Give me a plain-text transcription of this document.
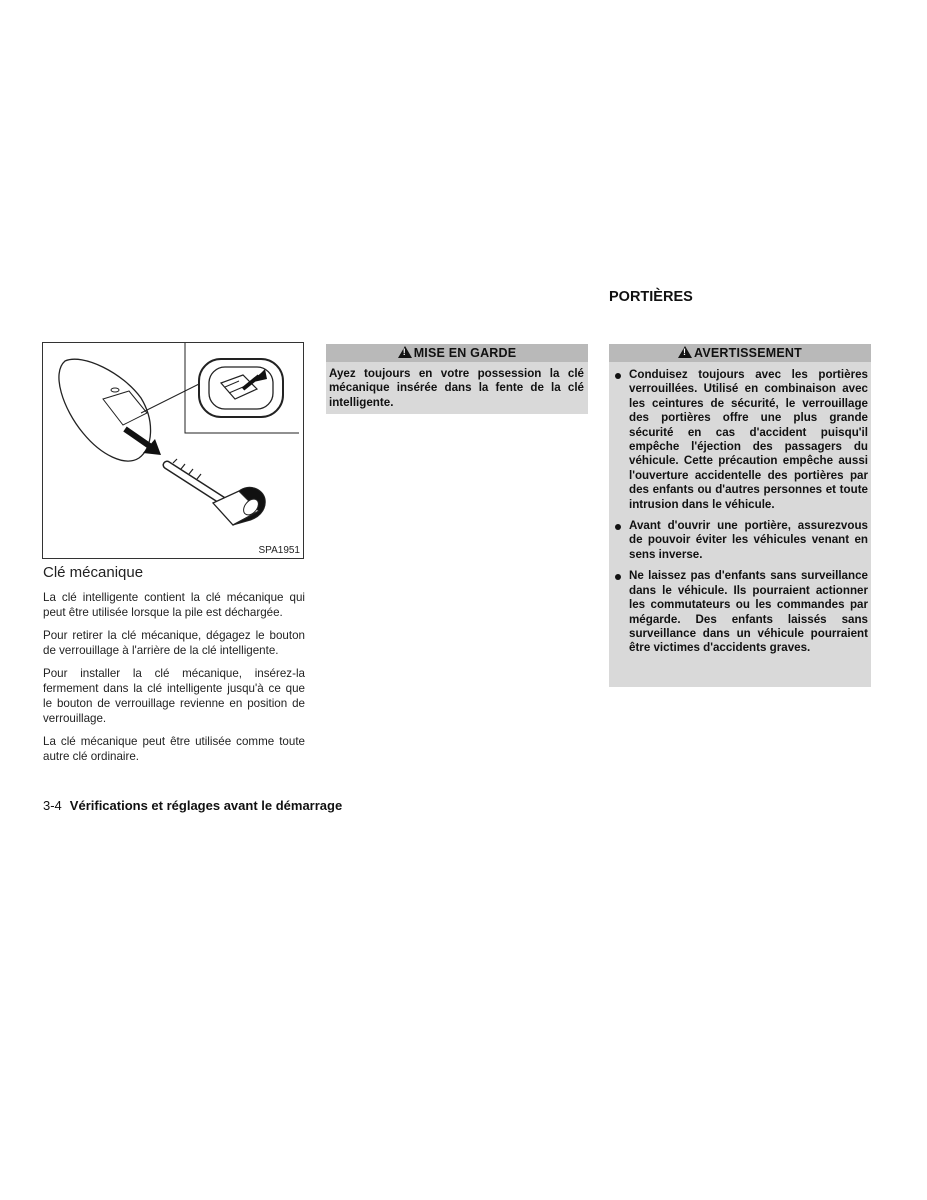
SPA1951
Clé mécanique

La clé intelligente contient la clé mécanique qui peut être utilisée lorsque la pile est déchargée.

Pour retirer la clé mécanique, dégagez le bouton de verrouillage à l'arrière de la clé intelligente.

Pour installer la clé mécanique, insérez-la fermement dans la clé intelligente jusqu'à ce que le bouton de verrouillage revienne en position de verrouillage.

La clé mécanique peut être utilisée comme toute autre clé ordinaire.

!MISE EN GARDE
Ayez toujours en votre possession la clé mécanique insérée dans la fente de la clé intelligente.
PORTIÈRES
!AVERTISSEMENT
Conduisez toujours avec les portières verrouillées. Utilisé en combinaison avec les ceintures de sécurité, le verrouillage des portières offre une plus grande sécurité en cas d'accident puisqu'il empêche l'éjection des passagers du véhicule. Cette précaution empêche aussi l'ouverture accidentelle des portières par des enfants ou d'autres personnes et toute intrusion dans le véhicule.
Avant d'ouvrir une portière, assurezvous de pouvoir éviter les véhicules venant en sens inverse.
Ne laissez pas d'enfants sans surveillance dans le véhicule. Ils pourraient actionner les commutateurs ou les commandes par mégarde. Des enfants laissés sans surveillance dans un véhicule pourraient être victimes d'accidents graves.
3-4 Vérifications et réglages avant le démarrage
